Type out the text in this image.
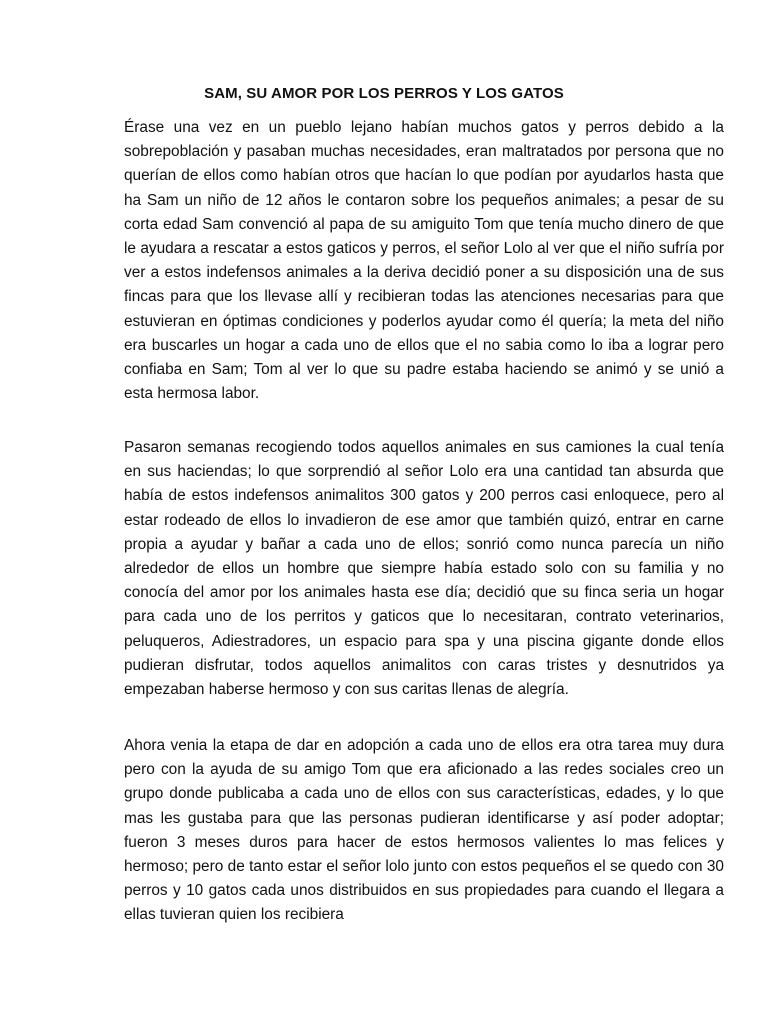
SAM, SU AMOR POR LOS PERROS Y LOS GATOS

Érase una vez en un pueblo lejano habían muchos gatos y perros debido a la sobrepoblación y pasaban muchas necesidades, eran maltratados por persona que no querían de ellos como habían otros que hacían lo que podían por ayudarlos hasta que ha Sam un niño de 12 años le contaron sobre los pequeños animales; a pesar de su corta edad Sam convenció al papa de su amiguito Tom que tenía mucho dinero de que le ayudara a rescatar a estos gaticos y perros, el señor Lolo al ver que el niño sufría por ver a estos indefensos animales a la deriva decidió poner a su disposición una de sus fincas para que los llevase allí y recibieran todas las atenciones necesarias para que estuvieran en óptimas condiciones y poderlos ayudar como él quería; la meta del niño era buscarles un hogar a cada uno de ellos que el no sabia como lo iba a lograr pero confiaba en Sam; Tom al ver lo que su padre estaba haciendo se animó y se unió a esta hermosa labor.

Pasaron semanas recogiendo todos aquellos animales en sus camiones la cual tenía en sus haciendas; lo que sorprendió al señor Lolo era una cantidad tan absurda que había de estos indefensos animalitos 300 gatos y 200 perros casi enloquece, pero al estar rodeado de ellos lo invadieron de ese amor que también quizó, entrar en carne propia a ayudar y bañar a cada uno de ellos; sonrió como nunca parecía un niño alrededor de ellos un hombre que siempre había estado solo con su familia y no conocía del amor por los animales hasta ese día; decidió que su finca seria un hogar para cada uno de los perritos y gaticos que lo necesitaran, contrato veterinarios, peluqueros, Adiestradores, un espacio para spa y una piscina gigante donde ellos pudieran disfrutar, todos aquellos animalitos con caras tristes y desnutridos ya empezaban haberse hermoso y con sus caritas llenas de alegría.

Ahora venia la etapa de dar en adopción a cada uno de ellos era otra tarea muy dura pero con la ayuda de su amigo Tom que era aficionado a las redes sociales creo un grupo donde publicaba a cada uno de ellos con sus características, edades, y lo que mas les gustaba para que las personas pudieran identificarse y así poder adoptar; fueron 3 meses duros para hacer de estos hermosos valientes lo mas felices y hermoso; pero de tanto estar el señor lolo junto con estos pequeños el se quedo con 30 perros y 10 gatos cada unos distribuidos en sus propiedades para cuando el llegara a ellas tuvieran quien los recibiera
